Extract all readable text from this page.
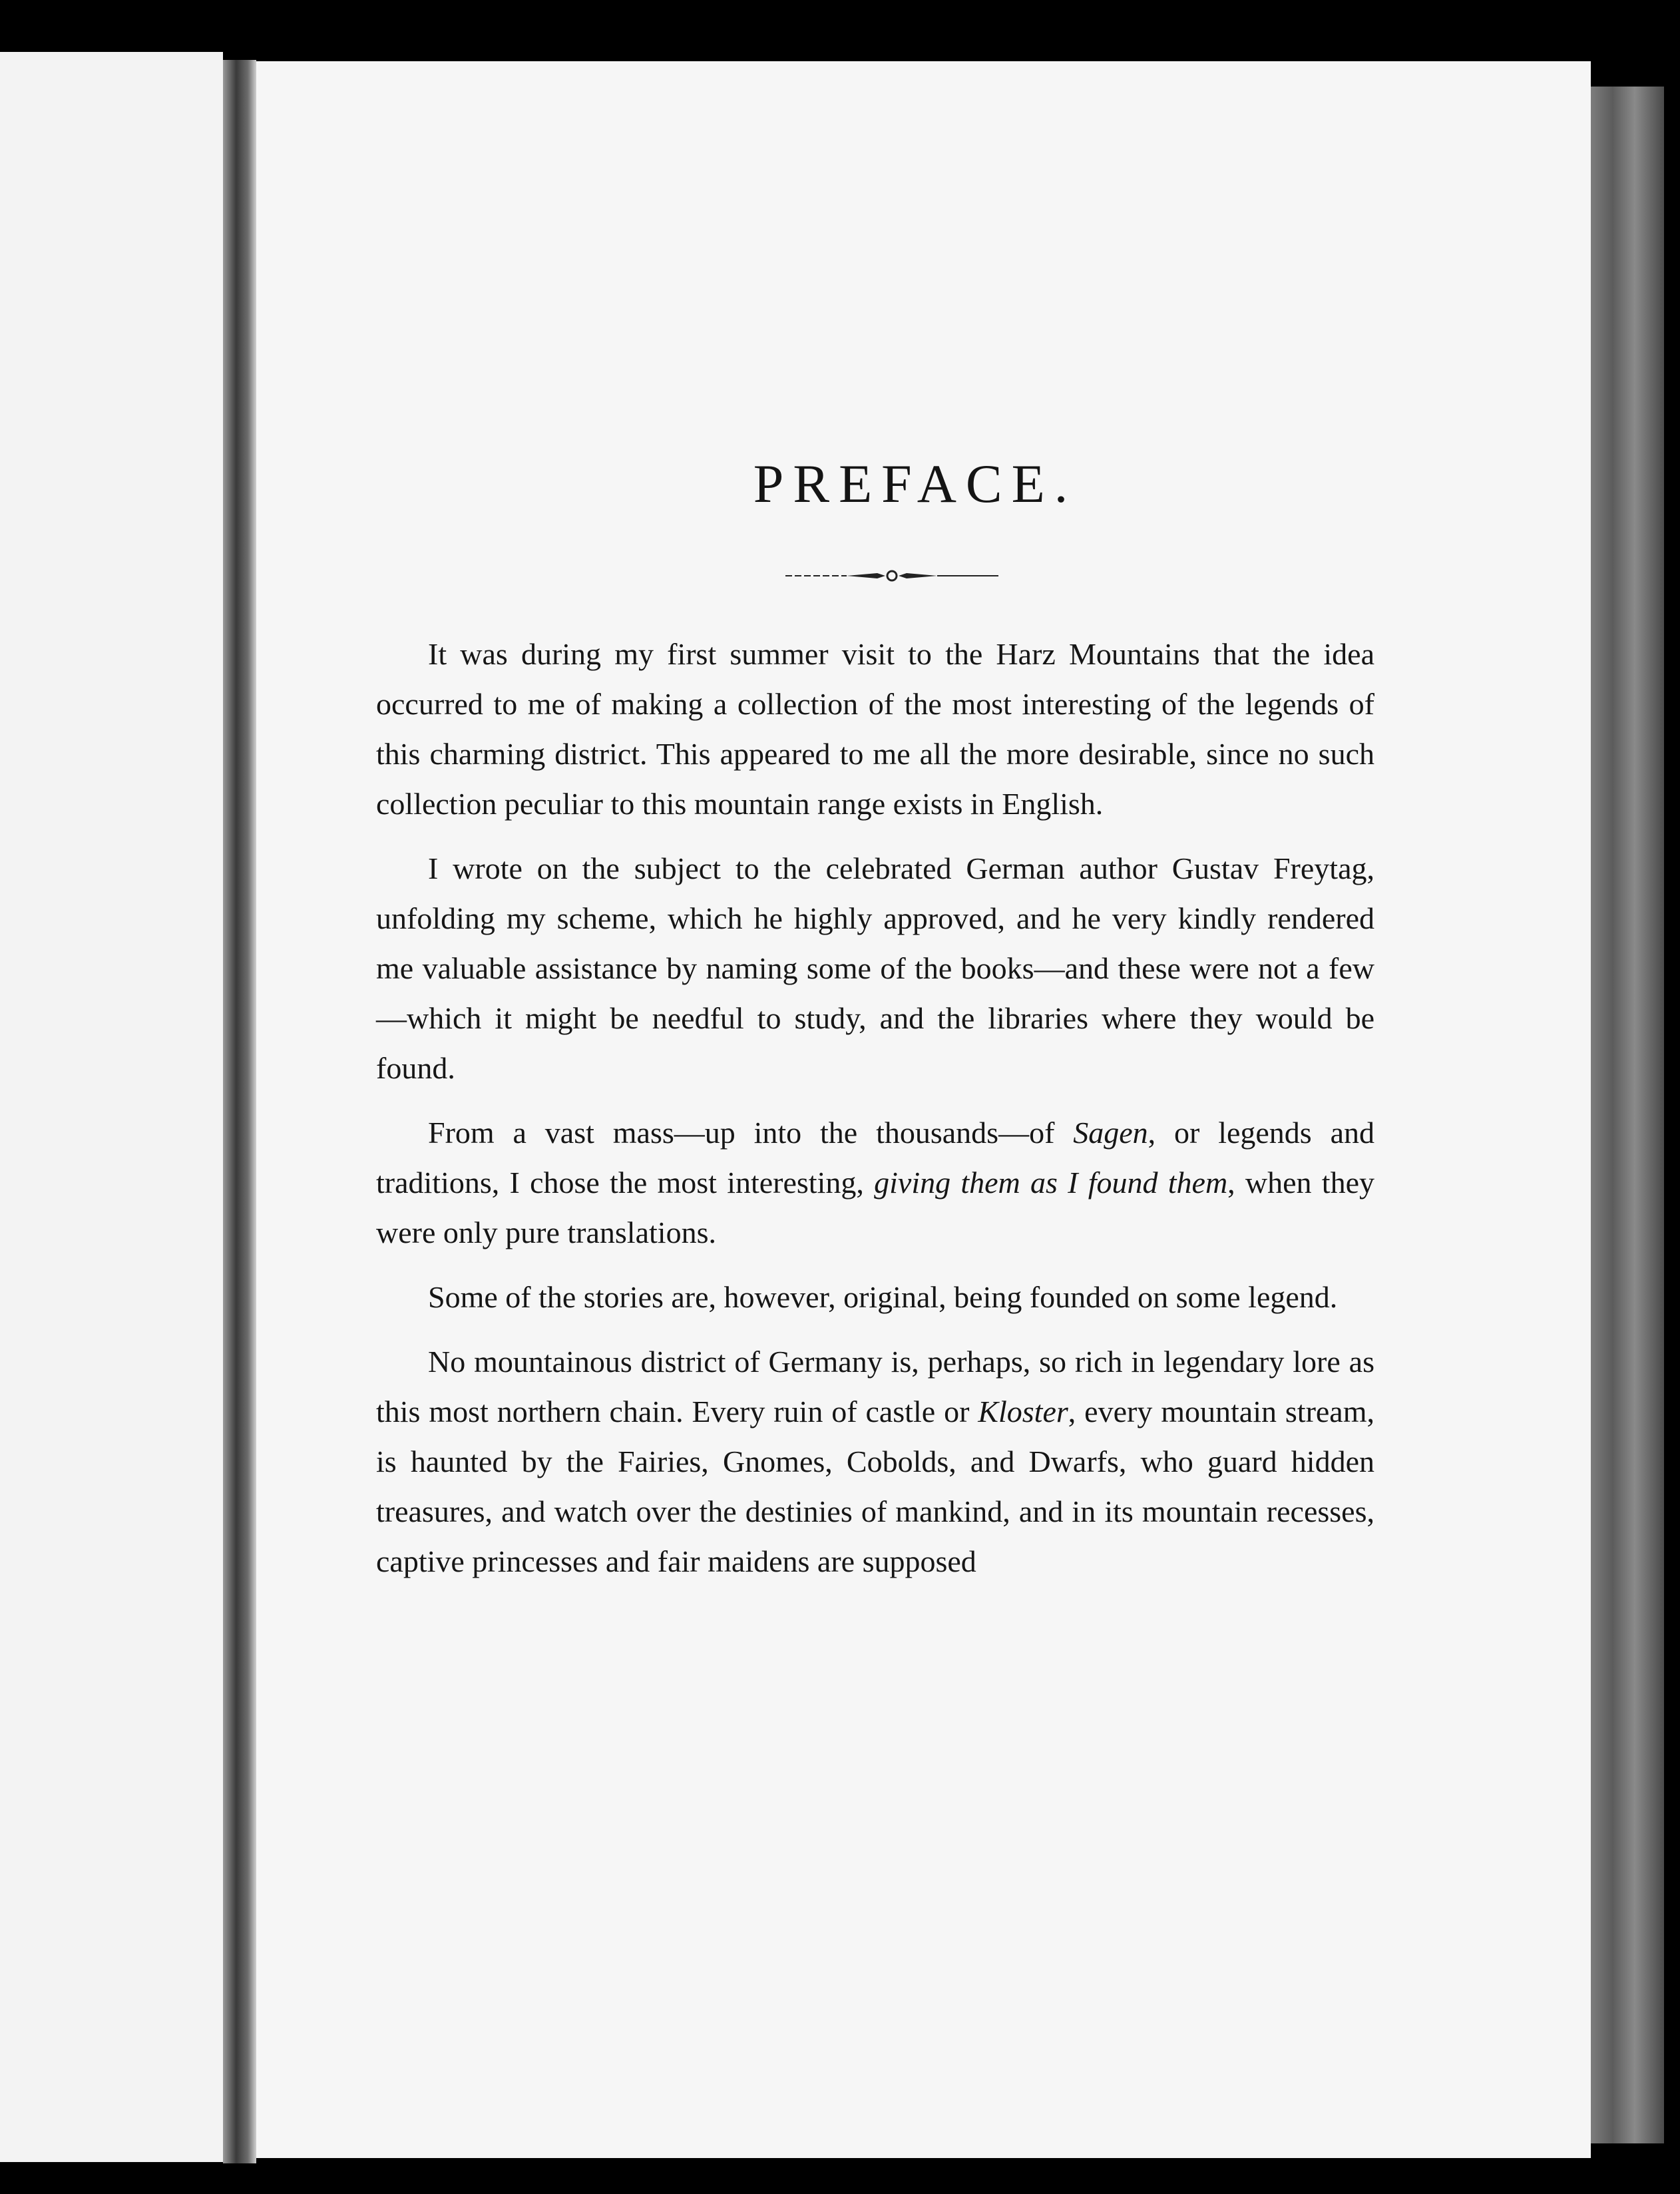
PREFACE.

It was during my first summer visit to the Harz Mountains that the idea occurred to me of making a collection of the most interesting of the legends of this charming district. This appeared to me all the more desirable, since no such collection peculiar to this mountain range exists in English.

I wrote on the subject to the celebrated German author Gustav Freytag, unfolding my scheme, which he highly approved, and he very kindly rendered me valuable assistance by naming some of the books—and these were not a few—which it might be needful to study, and the libraries where they would be found.

From a vast mass—up into the thousands—of Sagen, or legends and traditions, I chose the most interesting, giving them as I found them, when they were only pure translations.

Some of the stories are, however, original, being founded on some legend.

No mountainous district of Germany is, perhaps, so rich in legendary lore as this most northern chain. Every ruin of castle or Kloster, every mountain stream, is haunted by the Fairies, Gnomes, Cobolds, and Dwarfs, who guard hidden treasures, and watch over the destinies of mankind, and in its mountain recesses, captive princesses and fair maidens are supposed
